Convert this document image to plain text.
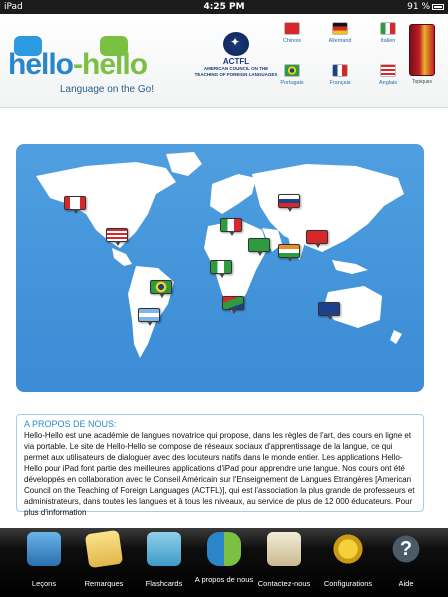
iPad	4:25 PM	91 %
hello-hello
Language on the Go!
✦
ACTFL
AMERICAN COUNCIL ON THE
TEACHING OF FOREIGN LANGUAGES
Chinois	Allemand	Italien
Portugais	Français	Anglais	Topiques
A PROPOS DE NOUS:
Hello-Hello est une académie de langues novatrice qui propose, dans les règles de l'art, des cours en ligne et via portable. Le site de Hello-Hello se compose de réseaux sociaux d'apprentissage de la langue, ce qui permet aux utilisateurs de dialoguer avec des locuteurs natifs dans le monde entier. Les applications Hello-Hello pour iPad font partie des meilleures applications d'iPad pour apprendre une langue. Nos cours ont été développés en collaboration avec le Conseil Américain sur l'Enseignement de Langues Etrangères [American Council on the Teaching of Foreign Languages (ACTFL)], qui est l'association la plus grande de professeurs et administrateurs, dans toutes les langues et à tous les niveaux, au service de plus de 12 000 éducateurs. Pour plus d'information
Leçons	Remarques	Flashcards	A propos de nous Contactez-nous	Configurations
?
Aide
